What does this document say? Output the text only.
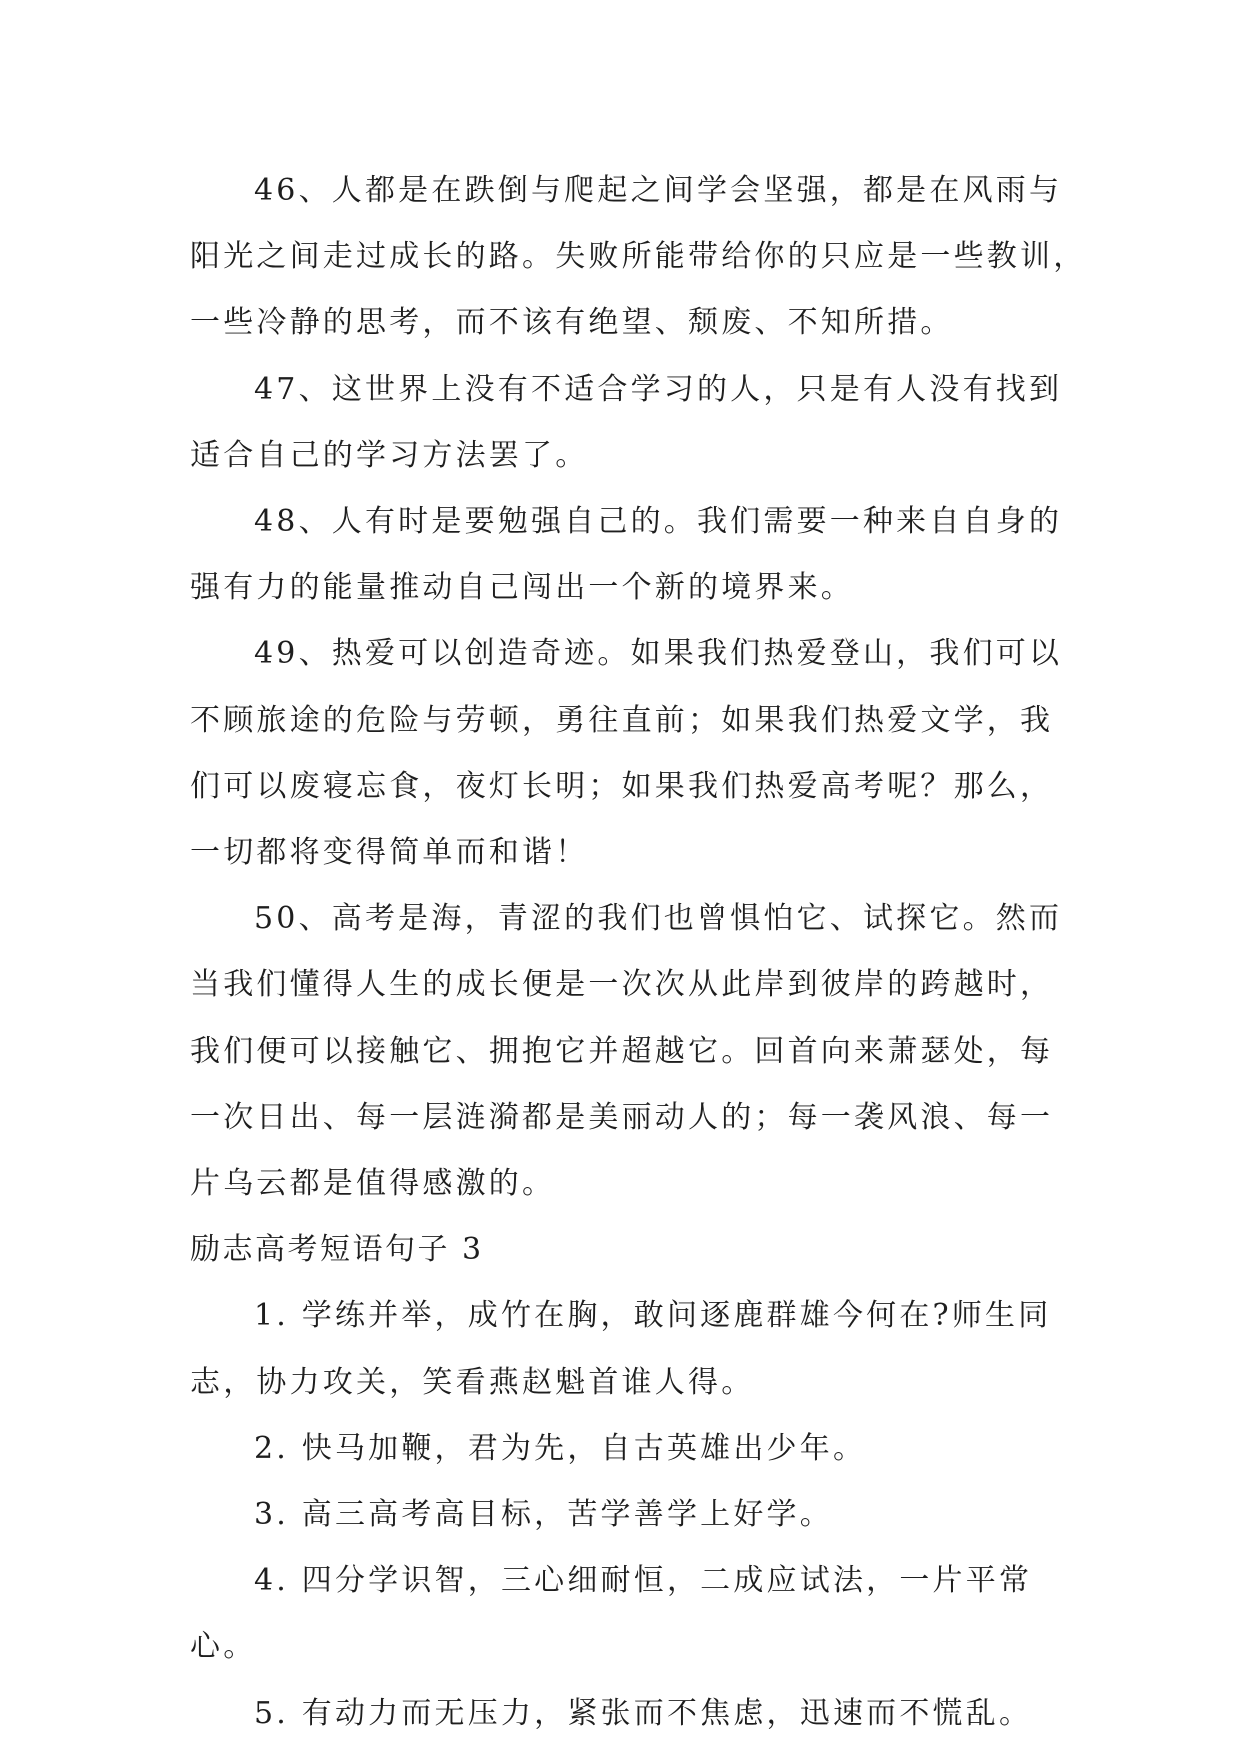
46、人都是在跌倒与爬起之间学会坚强，都是在风雨与
阳光之间走过成长的路。失败所能带给你的只应是一些教训，
一些冷静的思考，而不该有绝望、颓废、不知所措。

47、这世界上没有不适合学习的人，只是有人没有找到
适合自己的学习方法罢了。

48、人有时是要勉强自己的。我们需要一种来自自身的
强有力的能量推动自己闯出一个新的境界来。

49、热爱可以创造奇迹。如果我们热爱登山，我们可以
不顾旅途的危险与劳顿，勇往直前；如果我们热爱文学，我
们可以废寝忘食，夜灯长明；如果我们热爱高考呢？那么，
一切都将变得简单而和谐！

50、高考是海，青涩的我们也曾惧怕它、试探它。然而
当我们懂得人生的成长便是一次次从此岸到彼岸的跨越时，
我们便可以接触它、拥抱它并超越它。回首向来萧瑟处，每
一次日出、每一层涟漪都是美丽动人的；每一袭风浪、每一
片乌云都是值得感激的。

励志高考短语句子 3

1. 学练并举，成竹在胸，敢问逐鹿群雄今何在?师生同
志，协力攻关，笑看燕赵魁首谁人得。

2. 快马加鞭，君为先，自古英雄出少年。

3. 高三高考高目标，苦学善学上好学。

4. 四分学识智，三心细耐恒，二成应试法，一片平常
心。

5. 有动力而无压力，紧张而不焦虑，迅速而不慌乱。
